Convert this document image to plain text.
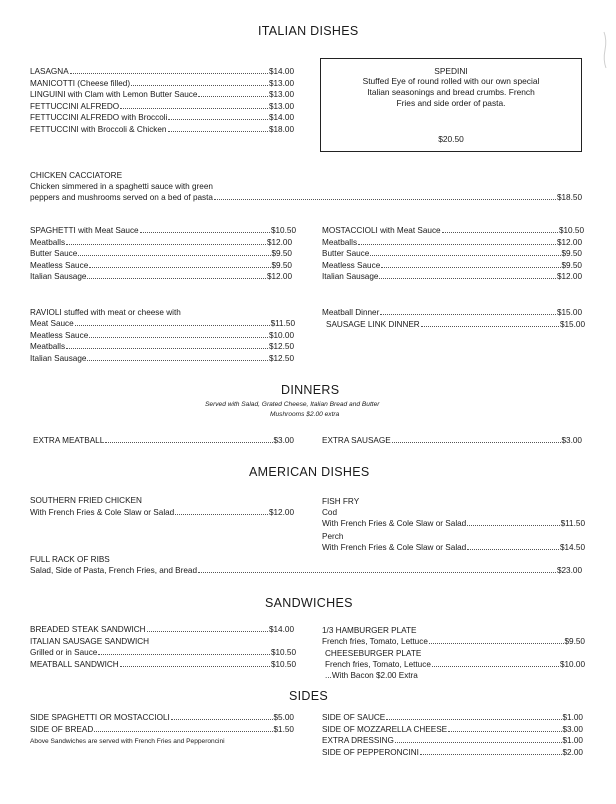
ITALIAN DISHES
LASAGNA	$14.00
MANICOTTI (Cheese filled)	$13.00
LINGUINI with Clam with Lemon Butter Sauce	$13.00
FETTUCCINI ALFREDO	$13.00
FETTUCCINI ALFREDO with Broccoli	$14.00
FETTUCCINI with Broccoli & Chicken	$18.00
SPEDINI
Stuffed Eye of round rolled with our own special
Italian seasonings and bread crumbs. French
Fries and side order of pasta.
$20.50
CHICKEN CACCIATORE
Chicken simmered in a spaghetti sauce with green
peppers and mushrooms served on a bed of pasta	$18.50
SPAGHETTI with Meat Sauce	$10.50
Meatballs	$12.00
Butter Sauce	$9.50
Meatless Sauce	$9.50
Italian Sausage	$12.00
MOSTACCIOLI with Meat Sauce	$10.50
Meatballs	$12.00
Butter Sauce	$9.50
Meatless Sauce	$9.50
Italian Sausage	$12.00
RAVIOLI stuffed with meat or cheese with
Meat Sauce	$11.50
Meatless Sauce	$10.00
Meatballs	$12.50
Italian Sausage	$12.50
Meatball Dinner	$15.00
SAUSAGE LINK DINNER	$15.00
DINNERS
Served with Salad, Grated Cheese, Italian Bread and Butter
Mushrooms $2.00 extra
EXTRA MEATBALL	$3.00	EXTRA SAUSAGE	$3.00
AMERICAN DISHES
SOUTHERN FRIED CHICKEN
With French Fries & Cole Slaw or Salad	$12.00
FISH FRY
Cod
With French Fries & Cole Slaw or Salad	$11.50
Perch
With French Fries & Cole Slaw or Salad	$14.50
FULL RACK OF RIBS
Salad, Side of Pasta, French Fries, and Bread	$23.00
SANDWICHES
BREADED STEAK SANDWICH	$14.00
ITALIAN SAUSAGE SANDWICH
Grilled or in Sauce	$10.50
MEATBALL SANDWICH	$10.50
1/3 HAMBURGER PLATE
French fries, Tomato, Lettuce	$9.50
CHEESEBURGER PLATE
French fries, Tomato, Lettuce	$10.00
...With Bacon $2.00 Extra
SIDES
SIDE SPAGHETTI OR MOSTACCIOLI	$5.00
SIDE OF BREAD	$1.50
Above Sandwiches are served with French Fries and Pepperoncini
SIDE OF SAUCE	$1.00
SIDE OF MOZZARELLA CHEESE	$3.00
EXTRA DRESSING	$1.00
SIDE OF PEPPERONCINI	$2.00
